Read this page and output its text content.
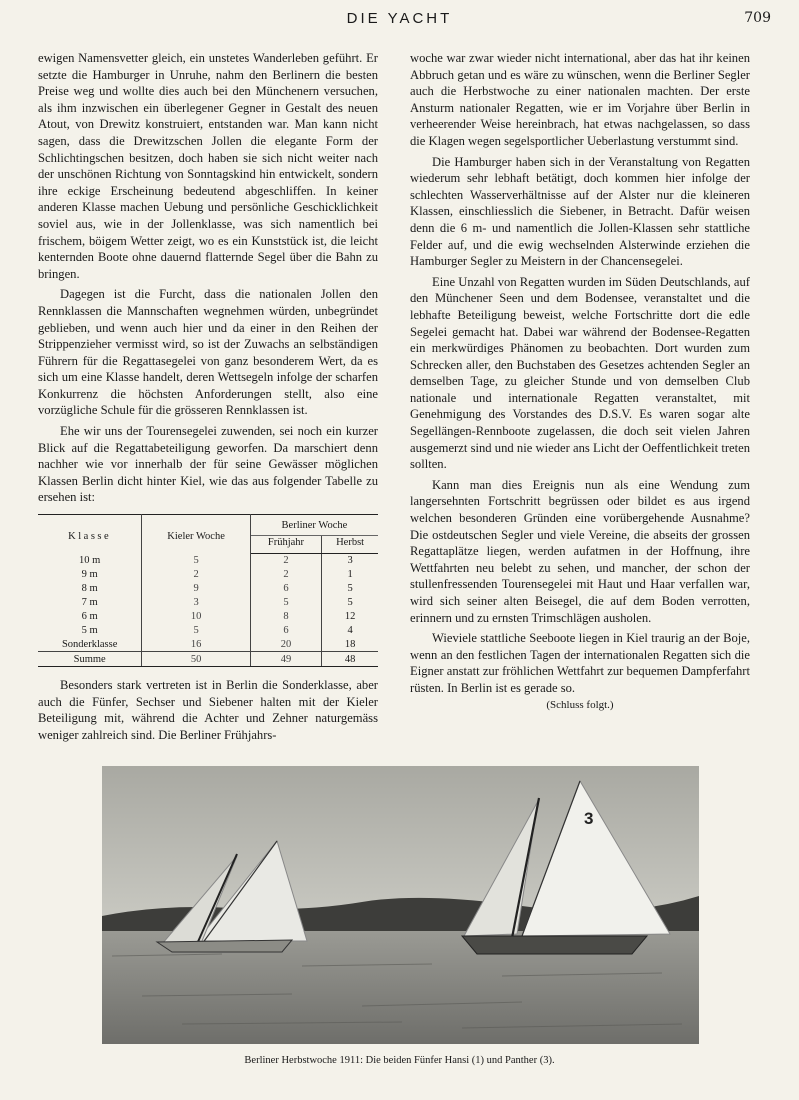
DIE YACHT	709

ewigen Namensvetter gleich, ein unstetes Wanderleben geführt. Er setzte die Hamburger in Unruhe, nahm den Berlinern die besten Preise weg und wollte dies auch bei den Münchenern versuchen, als ihm inzwischen ein überlegener Gegner in Gestalt des neuen Atout, von Drewitz konstruiert, entstanden war. Man kann nicht sagen, dass die Drewitzschen Jollen die elegante Form der Schlichtingschen besitzen, doch haben sie sich nicht weiter nach der unschönen Richtung von Sonntagskind hin entwickelt, sondern ihre eckige Erscheinung bedeutend abgeschliffen. In keiner anderen Klasse machen Uebung und persönliche Geschicklichkeit soviel aus, wie in der Jollenklasse, was sich namentlich bei frischem, böigem Wetter zeigt, wo es ein Kunststück ist, die leicht kenternden Boote ohne dauernd flatternde Segel über die Bahn zu bringen.

Dagegen ist die Furcht, dass die nationalen Jollen den Rennklassen die Mannschaften wegnehmen würden, unbegründet geblieben, und wenn auch hier und da einer in den Reihen der Strippenzieher vermisst wird, so ist der Zuwachs an selbständigen Führern für die Regattasegelei von ganz besonderem Wert, da es sich um eine Klasse handelt, deren Wettsegeln infolge der scharfen Konkurrenz die höchsten Anforderungen stellt, also eine vorzügliche Schule für die grösseren Rennklassen ist.

Ehe wir uns der Tourensegelei zuwenden, sei noch ein kurzer Blick auf die Regattabeteiligung geworfen. Da marschiert denn nachher wie vor innerhalb der für seine Gewässer möglichen Klassen Berlin dicht hinter Kiel, wie das aus folgender Tabelle zu ersehen ist:

Klasse	Kieler Woche	Berliner Woche	
		Frühjahr	Herbst
10 m	5	2	3
9 m	2	2	1
8 m	9	6	5
7 m	3	5	5
6 m	10	8	12
5 m	5	6	4
Sonderklasse	16	20	18
Summe	50	49	48

Besonders stark vertreten ist in Berlin die Sonderklasse, aber auch die Fünfer, Sechser und Siebener halten mit der Kieler Beteiligung mit, während die Achter und Zehner naturgemäss weniger zahlreich sind. Die Berliner Frühjahrs-

woche war zwar wieder nicht international, aber das hat ihr keinen Abbruch getan und es wäre zu wünschen, wenn die Berliner Segler auch die Herbstwoche zu einer nationalen machten. Der erste Ansturm nationaler Regatten, wie er im Vorjahre über Berlin in verheerender Weise hereinbrach, hat etwas nachgelassen, so dass die Klagen wegen segelsportlicher Ueberlastung verstummt sind.

Die Hamburger haben sich in der Veranstaltung von Regatten wiederum sehr lebhaft betätigt, doch kommen hier infolge der schlechten Wasserverhältnisse auf der Alster nur die kleineren Klassen, einschliesslich die Siebener, in Betracht. Dafür weisen denn die 6 m- und namentlich die Jollen-Klassen sehr stattliche Felder auf, und die ewig wechselnden Alsterwinde erziehen die Hamburger Segler zu Meistern in der Chancensegelei.

Eine Unzahl von Regatten wurden im Süden Deutschlands, auf den Münchener Seen und dem Bodensee, veranstaltet und die lebhafte Beteiligung beweist, welche Fortschritte dort die edle Segelei gemacht hat. Dabei war während der Bodensee-Regatten ein merkwürdiges Phänomen zu beobachten. Dort wurden zum Schrecken aller, den Buchstaben des Gesetzes achtenden Segler an demselben Tage, zu gleicher Stunde und von demselben Club nationale und internationale Regatten veranstaltet, mit Genehmigung des Vorstandes des D.S.V. Es waren sogar alte Segellängen-Rennboote zugelassen, die doch seit vielen Jahren ausgemerzt sind und nie wieder ans Licht der Oeffentlichkeit treten sollten.

Kann man dies Ereignis nun als eine Wendung zum langersehnten Fortschritt begrüssen oder bildet es aus irgend welchen besonderen Gründen eine vorübergehende Ausnahme? Die ostdeutschen Segler und viele Vereine, die abseits der grossen Regattaplätze liegen, werden aufatmen in der Hoffnung, ihre Wettfahrten neu belebt zu sehen, und mancher, der schon der stullenfressenden Tourensegelei mit Haut und Haar verfallen war, wird sich seiner alten Beisegel, die auf dem Boden verrotten, erinnern und zu ernsten Trimschlägen ausholen.

Wieviele stattliche Seeboote liegen in Kiel traurig an der Boje, wenn an den festlichen Tagen der internationalen Regatten sich die Eigner anstatt zur fröhlichen Wettfahrt zur bequemen Dampferfahrt rüsten. In Berlin ist es gerade so.

(Schluss folgt.)

3
Berliner Herbstwoche 1911: Die beiden Fünfer Hansi (1) und Panther (3).
